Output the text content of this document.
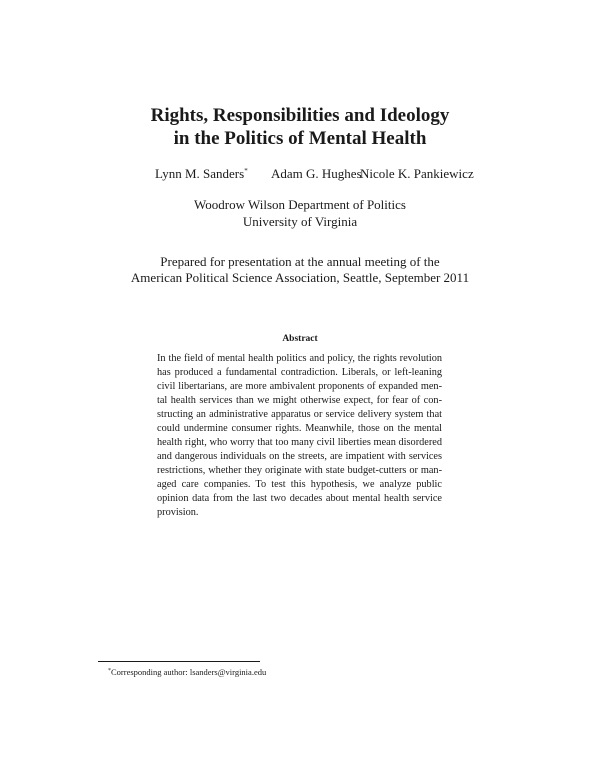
Rights, Responsibilities and Ideology
in the Politics of Mental Health
Lynn M. Sanders* Adam G. Hughes
Nicole K. Pankiewicz
Woodrow Wilson Department of Politics
University of Virginia
Prepared for presentation at the annual meeting of the
American Political Science Association, Seattle, September 2011
Abstract
In the field of mental health politics and policy, the rights revolution has produced a fundamental contradiction. Liberals, or left-leaning civil libertarians, are more ambivalent proponents of expanded mental health services than we might otherwise expect, for fear of constructing an administrative apparatus or service delivery system that could undermine consumer rights. Meanwhile, those on the mental health right, who worry that too many civil liberties mean disordered and dangerous individuals on the streets, are impatient with services restrictions, whether they originate with state budget-cutters or managed care companies. To test this hypothesis, we analyze public opinion data from the last two decades about mental health service provision.
*Corresponding author: lsanders@virginia.edu
